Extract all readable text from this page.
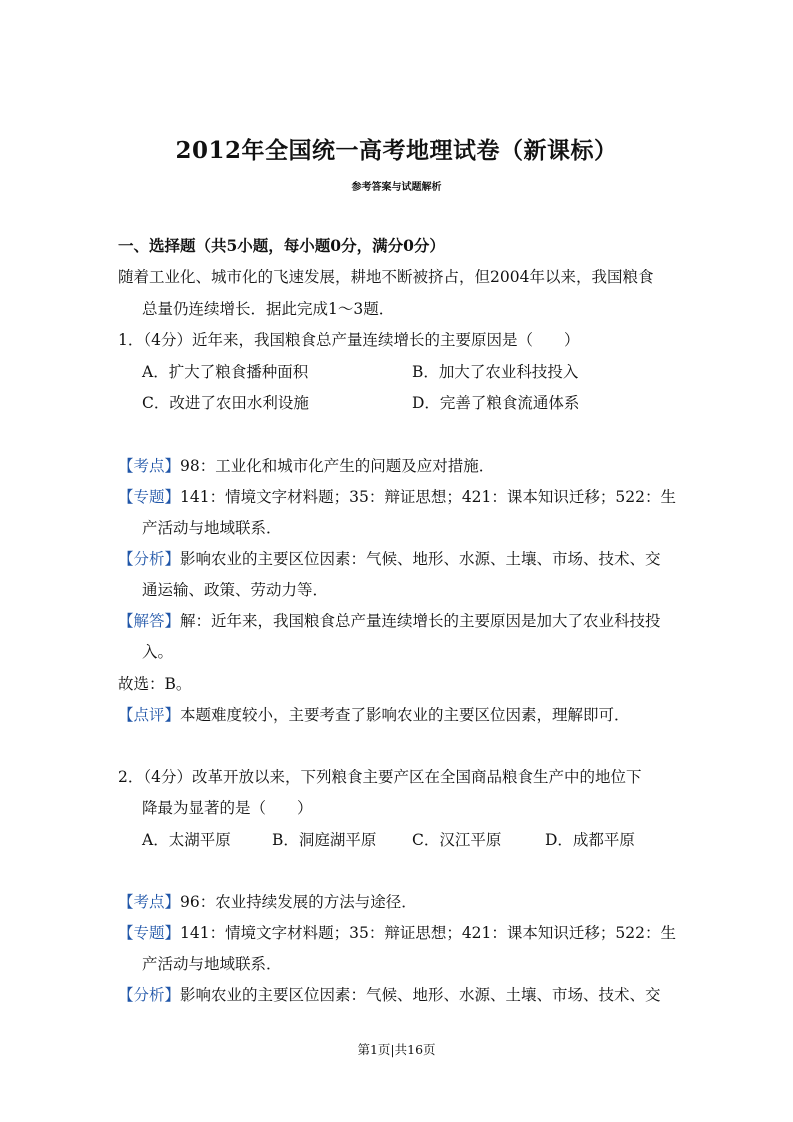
2012年全国统一高考地理试卷（新课标）
参考答案与试题解析
一、选择题（共5小题，每小题0分，满分0分）
随着工业化、城市化的飞速发展，耕地不断被挤占，但2004年以来，我国粮食
总量仍连续增长．据此完成1～3题．
1．（4分）近年来，我国粮食总产量连续增长的主要原因是（　　）
A．扩大了粮食播种面积	B．加大了农业科技投入
C．改进了农田水利设施	D．完善了粮食流通体系
【考点】98：工业化和城市化产生的问题及应对措施．
【专题】141：情境文字材料题；35：辩证思想；421：课本知识迁移；522：生
产活动与地域联系．
【分析】影响农业的主要区位因素：气候、地形、水源、土壤、市场、技术、交
通运输、政策、劳动力等．
【解答】解：近年来，我国粮食总产量连续增长的主要原因是加大了农业科技投
入。
故选：B。
【点评】本题难度较小，主要考查了影响农业的主要区位因素，理解即可．
2．（4分）改革开放以来，下列粮食主要产区在全国商品粮食生产中的地位下
降最为显著的是（　　）
A．太湖平原	B．洞庭湖平原 C．汉江平原	D．成都平原
【考点】96：农业持续发展的方法与途径．
【专题】141：情境文字材料题；35：辩证思想；421：课本知识迁移；522：生
产活动与地域联系．
【分析】影响农业的主要区位因素：气候、地形、水源、土壤、市场、技术、交
第1页|共16页
